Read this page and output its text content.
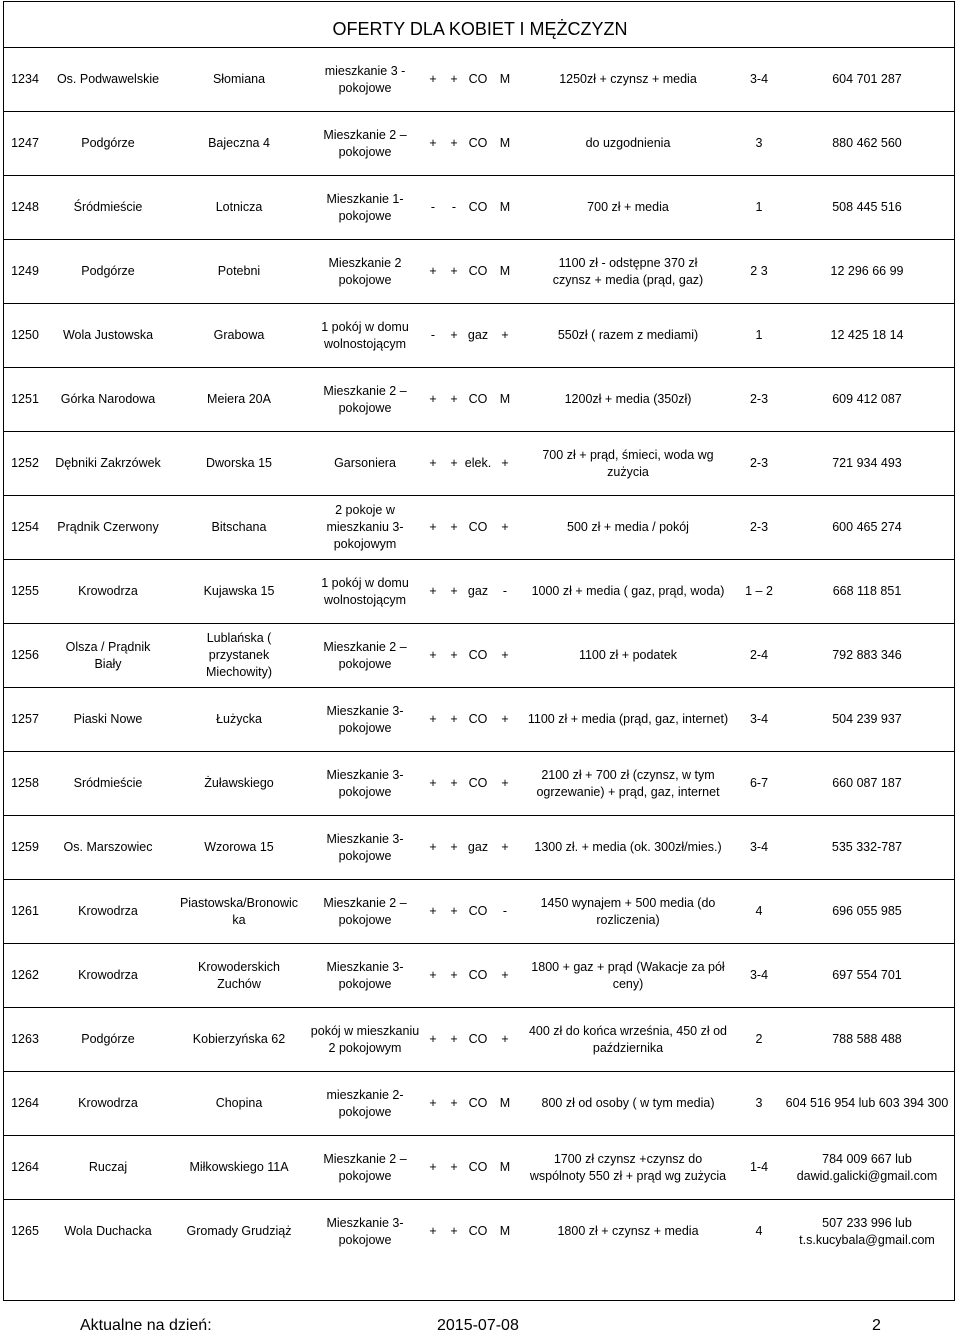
OFERTY DLA KOBIET I MĘŻCZYZN
1234	Os. Podwawelskie	Słomiana	mieszkanie 3 -
pokojowe	+	+	CO	M	1250zł + czynsz + media	3-4	604 701 287
1247	Podgórze	Bajeczna 4	Mieszkanie 2 –
pokojowe	+	+	CO	M	do uzgodnienia	3	880 462 560
1248	Śródmieście	Lotnicza	Mieszkanie 1-
pokojowe	-	-	CO	M	700 zł + media	1	508 445 516
1249	Podgórze	Potebni	Mieszkanie 2
pokojowe	+	+	CO	M	1100 zł - odstępne 370 zł
czynsz + media (prąd, gaz)	2 3	12 296 66 99
1250	Wola Justowska	Grabowa	1 pokój w domu
wolnostojącym	-	+	gaz	+	550zł ( razem z mediami)	1	12 425 18 14
1251	Górka Narodowa	Meiera 20A	Mieszkanie 2 –
pokojowe	+	+	CO	M	1200zł + media (350zł)	2-3	609 412 087
1252	Dębniki Zakrzówek	Dworska 15	Garsoniera	+	+	elek.	+	700 zł + prąd, śmieci, woda wg
zużycia	2-3	721 934 493
1254	Prądnik Czerwony	Bitschana	2 pokoje w
mieszkaniu 3-
pokojowym	+	+	CO	+	500 zł + media / pokój	2-3	600 465 274
1255	Krowodrza	Kujawska 15	1 pokój w domu
wolnostojącym	+	+	gaz	-	1000 zł + media ( gaz, prąd, woda)	1 – 2	668 118 851
1256	Olsza / Prądnik
Biały	Lublańska (
przystanek
Miechowity)	Mieszkanie 2 –
pokojowe	+	+	CO	+	1100 zł + podatek	2-4	792 883 346
1257	Piaski Nowe	Łużycka	Mieszkanie 3-
pokojowe	+	+	CO	+	1100 zł + media (prąd, gaz, internet)	3-4	504 239 937
1258	Sródmieście	Żuławskiego	Mieszkanie 3-
pokojowe	+	+	CO	+	2100 zł + 700 zł (czynsz, w tym
ogrzewanie) + prąd, gaz, internet	6-7	660 087 187
1259	Os. Marszowiec	Wzorowa 15	Mieszkanie 3-
pokojowe	+	+	gaz	+	1300 zł. + media (ok. 300zł/mies.)	3-4	535 332-787
1261	Krowodrza	Piastowska/Bronowic
ka	Mieszkanie 2 –
pokojowe	+	+	CO	-	1450 wynajem + 500 media (do
rozliczenia)	4	696 055 985
1262	Krowodrza	Krowoderskich
Zuchów	Mieszkanie 3-
pokojowe	+	+	CO	+	1800 + gaz + prąd (Wakacje za pół
ceny)	3-4	697 554 701
1263	Podgórze	Kobierzyńska 62	pokój w mieszkaniu
2 pokojowym	+	+	CO	+	400 zł do końca września, 450 zł od
października	2	788 588 488
1264	Krowodrza	Chopina	mieszkanie 2-
pokojowe	+	+	CO	M	800 zł od osoby ( w tym media)	3	604 516 954 lub 603 394 300
1264	Ruczaj	Miłkowskiego 11A	Mieszkanie 2 –
pokojowe	+	+	CO	M	1700 zł czynsz +czynsz do
wspólnoty 550 zł + prąd wg zużycia	1-4	784 009 667 lub
dawid.galicki@gmail.com
1265	Wola Duchacka	Gromady Grudziąż	Mieszkanie 3-
pokojowe	+	+	CO	M	1800 zł + czynsz + media	4	507 233 996 lub
t.s.kucybala@gmail.com
Aktualne na dzień:	2015-07-08	2
